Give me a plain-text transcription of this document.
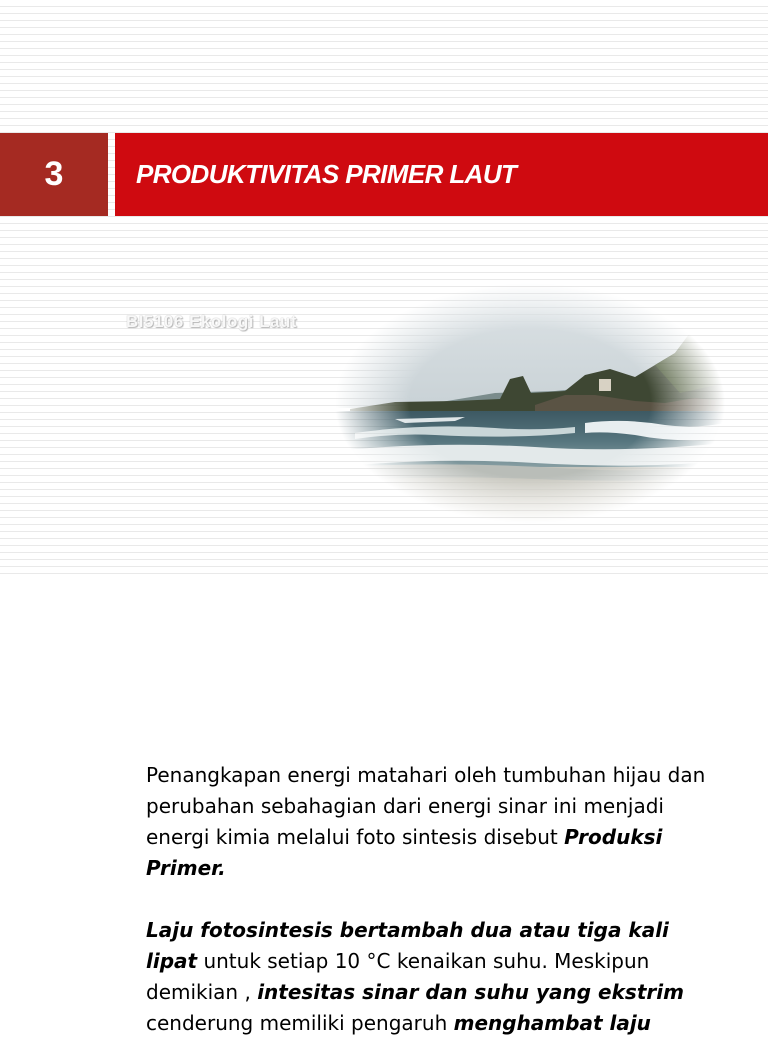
3	PRODUKTIVITAS PRIMER LAUT
BI5106 Ekologi Laut

Penangkapan energi matahari oleh tumbuhan hijau dan perubahan sebahagian dari energi sinar ini menjadi energi kimia melalui foto sintesis disebut Produksi Primer.

Laju fotosintesis bertambah dua atau tiga kali lipat untuk setiap 10 °C kenaikan suhu. Meskipun demikian , intesitas sinar dan suhu yang ekstrim cenderung memiliki pengaruh menghambat laju
